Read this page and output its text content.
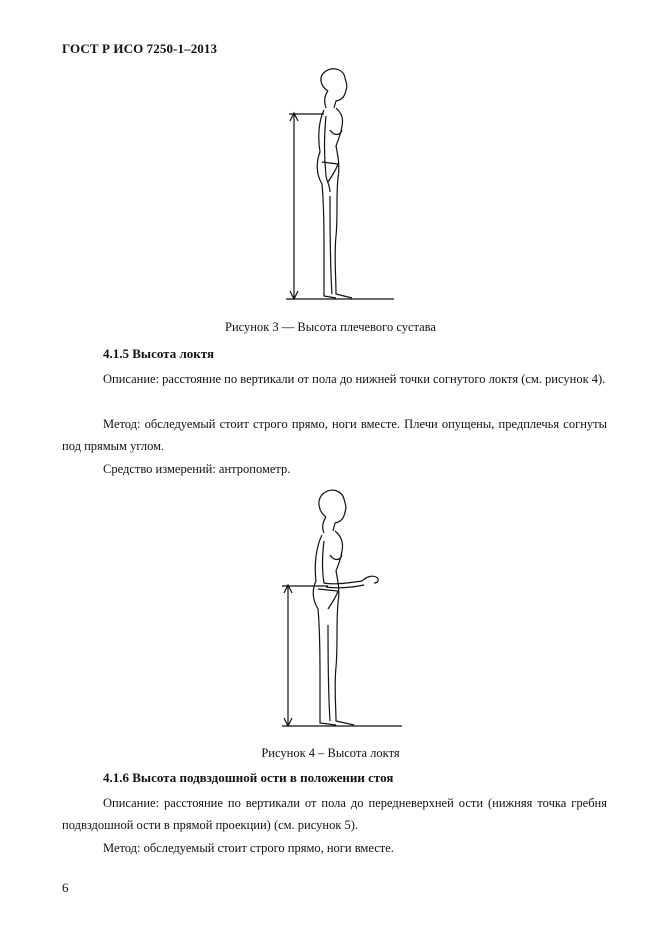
ГОСТ Р ИСО 7250-1–2013
Рисунок 3 — Высота плечевого сустава
4.1.5 Высота локтя

Описание: расстояние по вертикали от пола до нижней точки согнутого локтя (см. рисунок 4).

Метод: обследуемый стоит строго прямо, ноги вместе. Плечи опущены, предплечья согнуты под прямым углом.

Средство измерений: антропометр.

Рисунок 4 – Высота локтя
4.1.6 Высота подвздошной ости в положении стоя

Описание: расстояние по вертикали от пола до передневерхней ости (нижняя точка гребня подвздошной ости в прямой проекции) (см. рисунок 5).

Метод: обследуемый стоит строго прямо, ноги вместе.

6
